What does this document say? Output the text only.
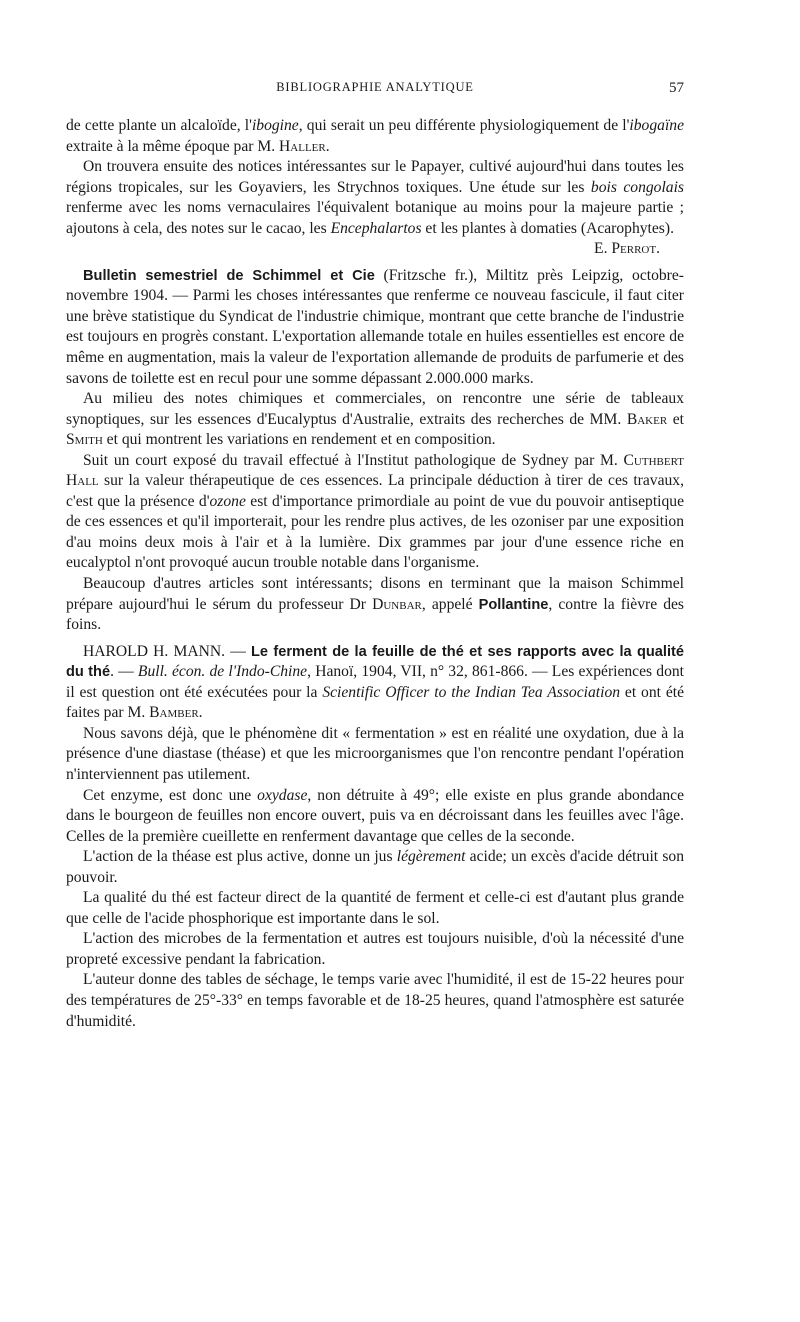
BIBLIOGRAPHIE ANALYTIQUE	57

de cette plante un alcaloïde, l'ibogine, qui serait un peu différente physiologiquement de l'ibogaïne extraite à la même époque par M. Haller.

On trouvera ensuite des notices intéressantes sur le Papayer, cultivé aujourd'hui dans toutes les régions tropicales, sur les Goyaviers, les Strychnos toxiques. Une étude sur les bois congolais renferme avec les noms vernaculaires l'équivalent botanique au moins pour la majeure partie ; ajoutons à cela, des notes sur le cacao, les Encephalartos et les plantes à domaties (Acarophytes).

E. Perrot.

Bulletin semestriel de Schimmel et Cie (Fritzsche fr.), Miltitz près Leipzig, octobre-novembre 1904. — Parmi les choses intéressantes que renferme ce nouveau fascicule, il faut citer une brève statistique du Syndicat de l'industrie chimique, montrant que cette branche de l'industrie est toujours en progrès constant. L'exportation allemande totale en huiles essentielles est encore de même en augmentation, mais la valeur de l'exportation allemande de produits de parfumerie et des savons de toilette est en recul pour une somme dépassant 2.000.000 marks.

Au milieu des notes chimiques et commerciales, on rencontre une série de tableaux synoptiques, sur les essences d'Eucalyptus d'Australie, extraits des recherches de MM. Baker et Smith et qui montrent les variations en rendement et en composition.

Suit un court exposé du travail effectué à l'Institut pathologique de Sydney par M. Cuthbert Hall sur la valeur thérapeutique de ces essences. La principale déduction à tirer de ces travaux, c'est que la présence d'ozone est d'importance primordiale au point de vue du pouvoir antiseptique de ces essences et qu'il importerait, pour les rendre plus actives, de les ozoniser par une exposition d'au moins deux mois à l'air et à la lumière. Dix grammes par jour d'une essence riche en eucalyptol n'ont provoqué aucun trouble notable dans l'organisme.

Beaucoup d'autres articles sont intéressants; disons en terminant que la maison Schimmel prépare aujourd'hui le sérum du professeur Dr Dunbar, appelé Pollantine, contre la fièvre des foins.

HAROLD H. MANN. — Le ferment de la feuille de thé et ses rapports avec la qualité du thé. — Bull. écon. de l'Indo-Chine, Hanoï, 1904, VII, n° 32, 861-866. — Les expériences dont il est question ont été exécutées pour la Scientific Officer to the Indian Tea Association et ont été faites par M. Bamber.

Nous savons déjà, que le phénomène dit « fermentation » est en réalité une oxydation, due à la présence d'une diastase (théase) et que les microorganismes que l'on rencontre pendant l'opération n'interviennent pas utilement.

Cet enzyme, est donc une oxydase, non détruite à 49°; elle existe en plus grande abondance dans le bourgeon de feuilles non encore ouvert, puis va en décroissant dans les feuilles avec l'âge. Celles de la première cueillette en renferment davantage que celles de la seconde.

L'action de la théase est plus active, donne un jus légèrement acide; un excès d'acide détruit son pouvoir.

La qualité du thé est facteur direct de la quantité de ferment et celle-ci est d'autant plus grande que celle de l'acide phosphorique est importante dans le sol.

L'action des microbes de la fermentation et autres est toujours nuisible, d'où la nécessité d'une propreté excessive pendant la fabrication.

L'auteur donne des tables de séchage, le temps varie avec l'humidité, il est de 15-22 heures pour des températures de 25°-33° en temps favorable et de 18-25 heures, quand l'atmosphère est saturée d'humidité.
